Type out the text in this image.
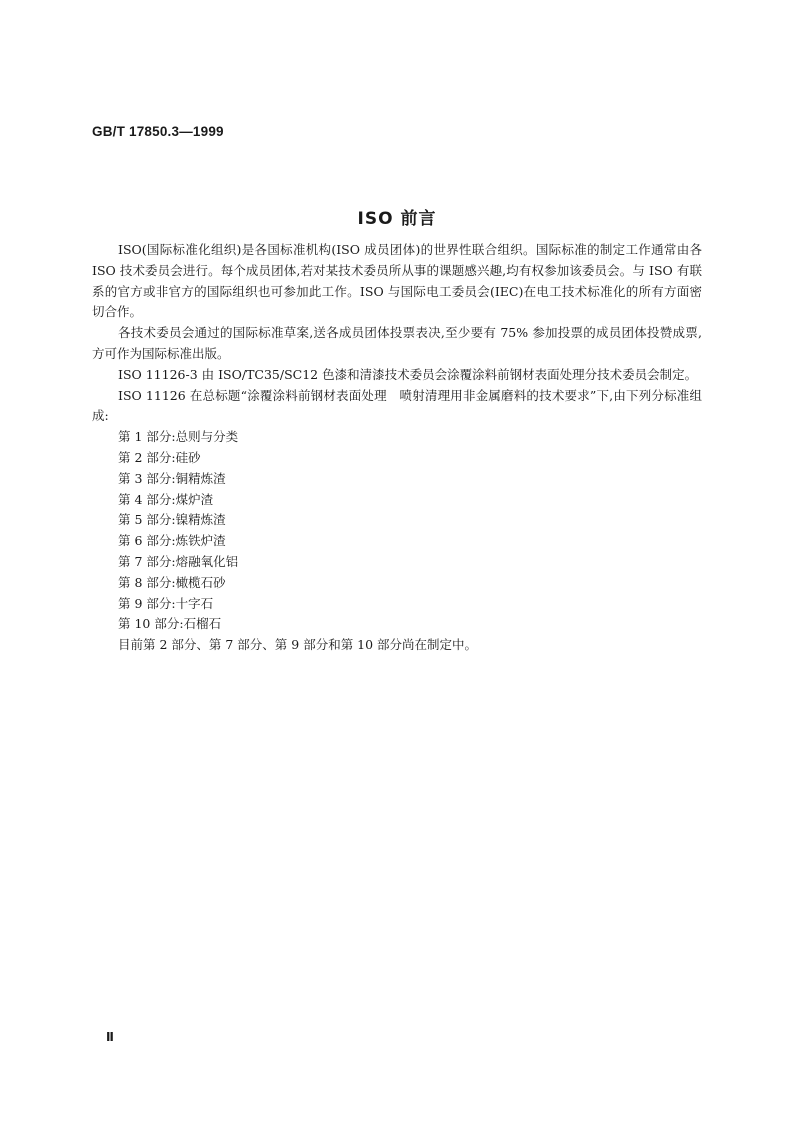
GB/T 17850.3—1999

ISO 前言

ISO(国际标准化组织)是各国标准机构(ISO 成员团体)的世界性联合组织。国际标准的制定工作通常由各 ISO 技术委员会进行。每个成员团体,若对某技术委员所从事的课题感兴趣,均有权参加该委员会。与 ISO 有联系的官方或非官方的国际组织也可参加此工作。ISO 与国际电工委员会(IEC)在电工技术标准化的所有方面密切合作。

各技术委员会通过的国际标准草案,送各成员团体投票表决,至少要有 75% 参加投票的成员团体投赞成票,方可作为国际标准出版。

ISO 11126-3 由 ISO/TC35/SC12 色漆和清漆技术委员会涂覆涂料前钢材表面处理分技术委员会制定。

ISO 11126 在总标题“涂覆涂料前钢材表面处理　喷射清理用非金属磨料的技术要求”下,由下列分标准组成:

第 1 部分:总则与分类
第 2 部分:硅砂
第 3 部分:铜精炼渣
第 4 部分:煤炉渣
第 5 部分:镍精炼渣
第 6 部分:炼铁炉渣
第 7 部分:熔融氧化铝
第 8 部分:橄榄石砂
第 9 部分:十字石
第 10 部分:石榴石

目前第 2 部分、第 7 部分、第 9 部分和第 10 部分尚在制定中。

Ⅱ
